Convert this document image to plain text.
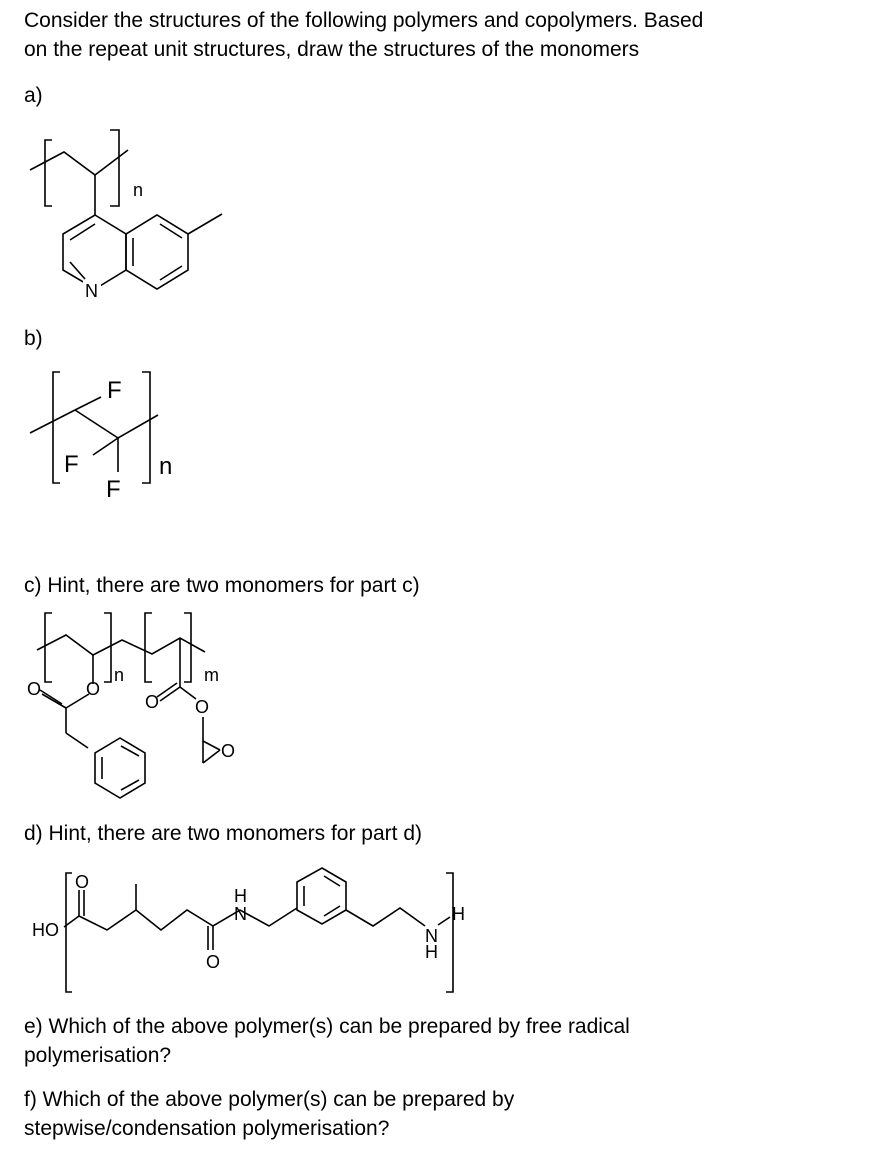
Consider the structures of the following polymers and copolymers. Based
on the repeat unit structures, draw the structures of the monomers

a)
n
N
b)
F
F
F
n
c) Hint, there are two monomers for part c)
O
O
O O
O
n	m
d) Hint, there are two monomers for part d)
HO
O
O
H
N
N
H
H

e) Which of the above polymer(s) can be prepared by free radical
polymerisation?

f) Which of the above polymer(s) can be prepared by
stepwise/condensation polymerisation?
